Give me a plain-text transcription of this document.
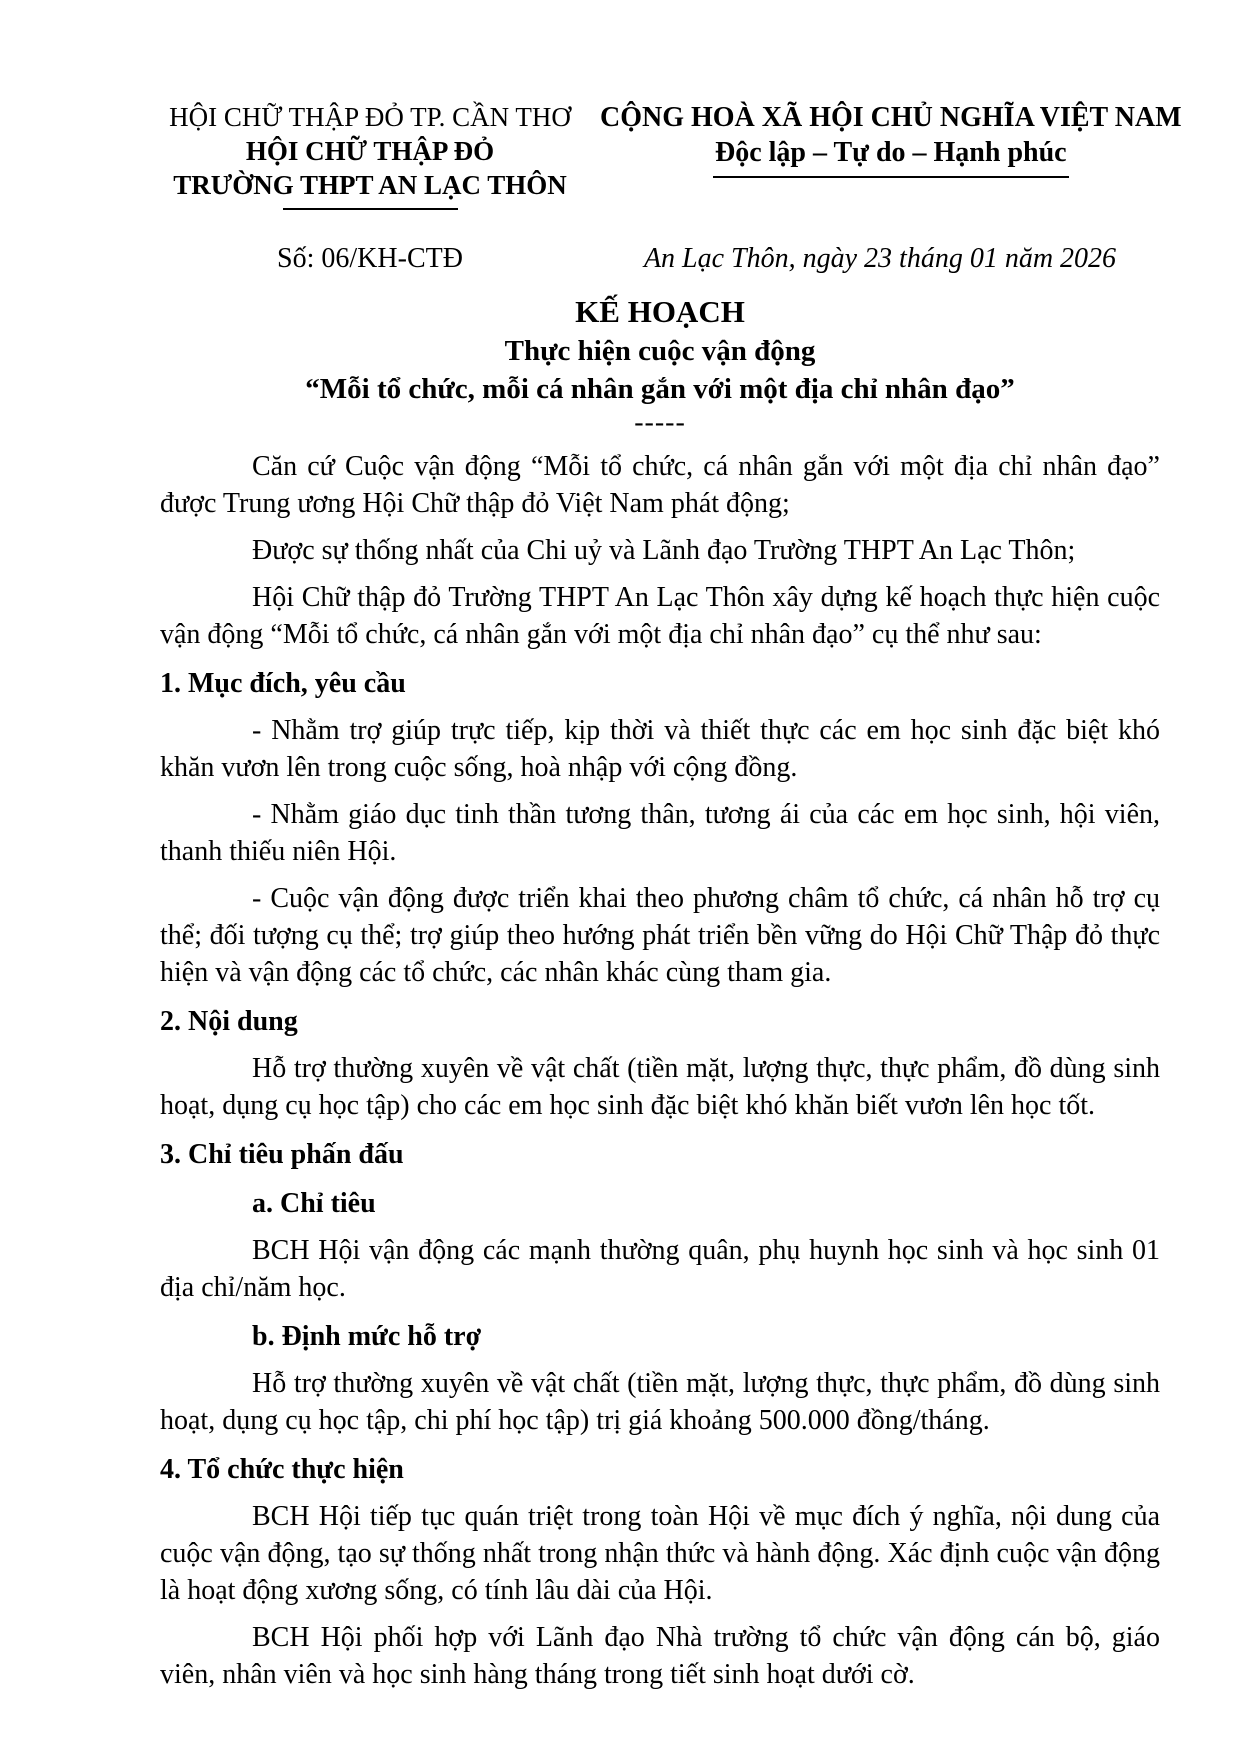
HỘI CHỮ THẬP ĐỎ TP. CẦN THƠ
HỘI CHỮ THẬP ĐỎ
TRƯỜNG THPT AN LẠC THÔN
CỘNG HOÀ XÃ HỘI CHỦ NGHĨA VIỆT NAM
Độc lập – Tự do – Hạnh phúc
Số: 06/KH-CTĐ	An Lạc Thôn, ngày 23 tháng 01 năm 2026
KẾ HOẠCH
Thực hiện cuộc vận động
“Mỗi tổ chức, mỗi cá nhân gắn với một địa chỉ nhân đạo”
-----

Căn cứ Cuộc vận động “Mỗi tổ chức, cá nhân gắn với một địa chỉ nhân đạo” được Trung ương Hội Chữ thập đỏ Việt Nam phát động;

Được sự thống nhất của Chi uỷ và Lãnh đạo Trường THPT An Lạc Thôn;

Hội Chữ thập đỏ Trường THPT An Lạc Thôn xây dựng kế hoạch thực hiện cuộc vận động “Mỗi tổ chức, cá nhân gắn với một địa chỉ nhân đạo” cụ thể như sau:

1. Mục đích, yêu cầu

- Nhằm trợ giúp trực tiếp, kịp thời và thiết thực các em học sinh đặc biệt khó khăn vươn lên trong cuộc sống, hoà nhập với cộng đồng.

- Nhằm giáo dục tinh thần tương thân, tương ái của các em học sinh, hội viên, thanh thiếu niên Hội.

- Cuộc vận động được triển khai theo phương châm tổ chức, cá nhân hỗ trợ cụ thể; đối tượng cụ thể; trợ giúp theo hướng phát triển bền vững do Hội Chữ Thập đỏ thực hiện và vận động các tổ chức, các nhân khác cùng tham gia.

2. Nội dung

Hỗ trợ thường xuyên về vật chất (tiền mặt, lượng thực, thực phẩm, đồ dùng sinh hoạt, dụng cụ học tập) cho các em học sinh đặc biệt khó khăn biết vươn lên học tốt.

3. Chỉ tiêu phấn đấu

a. Chỉ tiêu

BCH Hội vận động các mạnh thường quân, phụ huynh học sinh và học sinh 01 địa chỉ/năm học.

b. Định mức hỗ trợ

Hỗ trợ thường xuyên về vật chất (tiền mặt, lượng thực, thực phẩm, đồ dùng sinh hoạt, dụng cụ học tập, chi phí học tập) trị giá khoảng 500.000 đồng/tháng.

4. Tổ chức thực hiện

BCH Hội tiếp tục quán triệt trong toàn Hội về mục đích ý nghĩa, nội dung của cuộc vận động, tạo sự thống nhất trong nhận thức và hành động. Xác định cuộc vận động là hoạt động xương sống, có tính lâu dài của Hội.

BCH Hội phối hợp với Lãnh đạo Nhà trường tổ chức vận động cán bộ, giáo viên, nhân viên và học sinh hàng tháng trong tiết sinh hoạt dưới cờ.
